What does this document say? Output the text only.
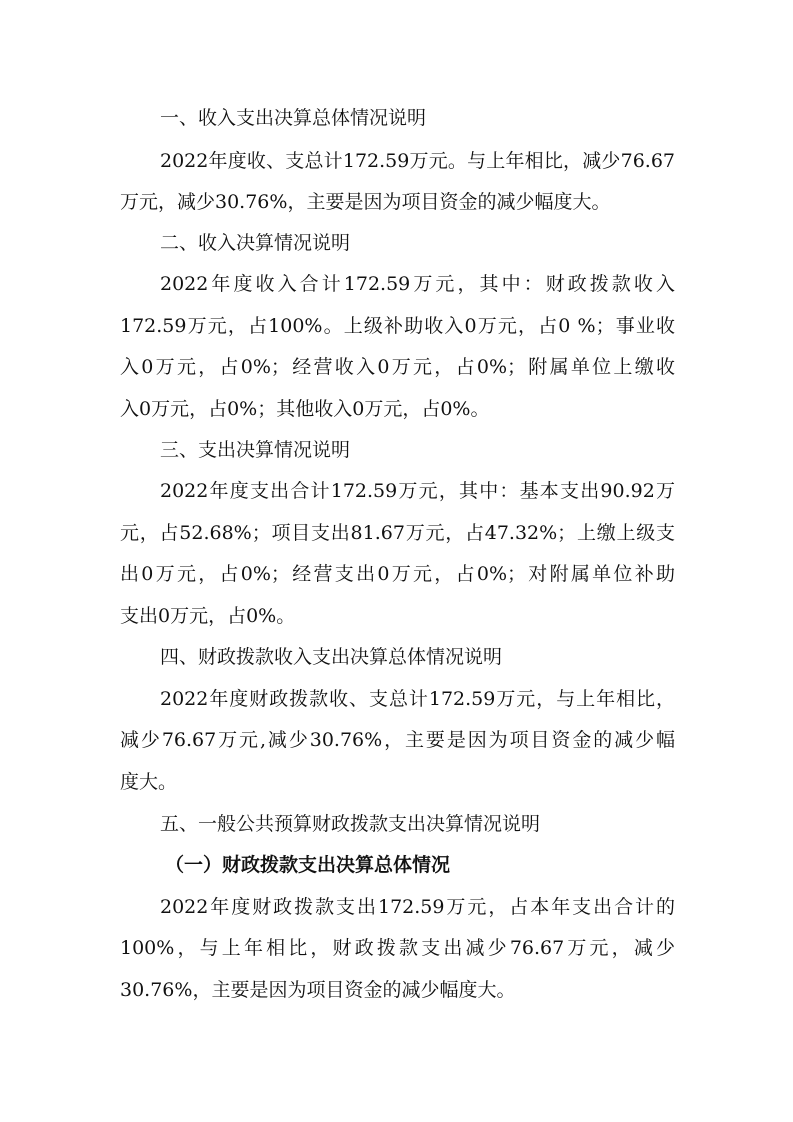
一、收入支出决算总体情况说明
2022年度收、支总计172.59万元。与上年相比，减少76.67
万元，减少30.76%，主要是因为项目资金的减少幅度大。
二、收入决算情况说明
2022年度收入合计172.59万元，其中：财政拨款收入
172.59万元，占100%。上级补助收入0万元，占0 %；事业收
入0万元，占0%；经营收入0万元，占0%；附属单位上缴收
入0万元，占0%；其他收入0万元，占0%。
三、支出决算情况说明
2022年度支出合计172.59万元，其中：基本支出90.92万
元，占52.68%；项目支出81.67万元，占47.32%；上缴上级支
出0万元，占0%；经营支出0万元，占0%；对附属单位补助
支出0万元，占0%。
四、财政拨款收入支出决算总体情况说明
2022年度财政拨款收、支总计172.59万元，与上年相比，
减少76.67万元,减少30.76%，主要是因为项目资金的减少幅
度大。
五、一般公共预算财政拨款支出决算情况说明
（一）财政拨款支出决算总体情况
2022年度财政拨款支出172.59万元，占本年支出合计的
100%，与上年相比，财政拨款支出减少76.67万元，减少
30.76%，主要是因为项目资金的减少幅度大。
